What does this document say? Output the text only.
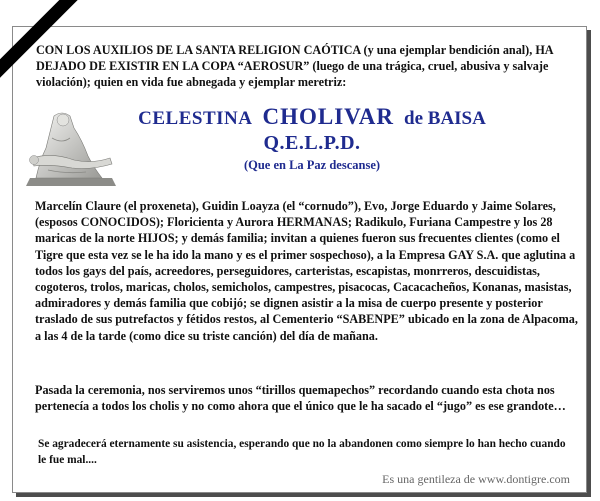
CON LOS AUXILIOS DE LA SANTA RELIGION CAÓTICA (y una ejemplar bendición anal), HA DEJADO DE EXISTIR EN LA COPA “AEROSUR” (luego de una trágica, cruel, abusiva y salvaje violación); quien en vida fue abnegada y ejemplar meretriz:
CELESTINA CHOLIVAR de BAISA
Q.E.L.P.D.
(Que en La Paz descanse)
Marcelín Claure (el proxeneta), Guidin Loayza (el “cornudo”), Evo, Jorge Eduardo y Jaime Solares, (esposos CONOCIDOS); Floricienta y Aurora HERMANAS; Radikulo, Furiana Campestre y los 28 maricas de la norte HIJOS; y demás familia; invitan a quienes fueron sus frecuentes clientes (como el Tigre que esta vez se le ha ido la mano y es el primer sospechoso), a la Empresa GAY S.A. que aglutina a todos los gays del país, acreedores, perseguidores, carteristas, escapistas, monrreros, descuidistas, cogoteros, trolos, maricas, cholos, semicholos, campestres, pisacocas, Cacacacheños, Konanas, masistas, admiradores y demás familia que cobijó; se dignen asistir a la misa de cuerpo presente y posterior traslado de sus putrefactos y fétidos restos, al Cementerio “SABENPE” ubicado en la zona de Alpacoma, a las 4 de la tarde (como dice su triste canción) del día de mañana.
Pasada la ceremonia, nos serviremos unos “tirillos quemapechos” recordando cuando esta chota nos pertenecía a todos los cholis y no como ahora que el único que le ha sacado el “jugo” es ese grandote…
Se agradecerá eternamente su asistencia, esperando que no la abandonen como siempre lo han hecho cuando le fue mal....
Es una gentileza de www.dontigre.com
